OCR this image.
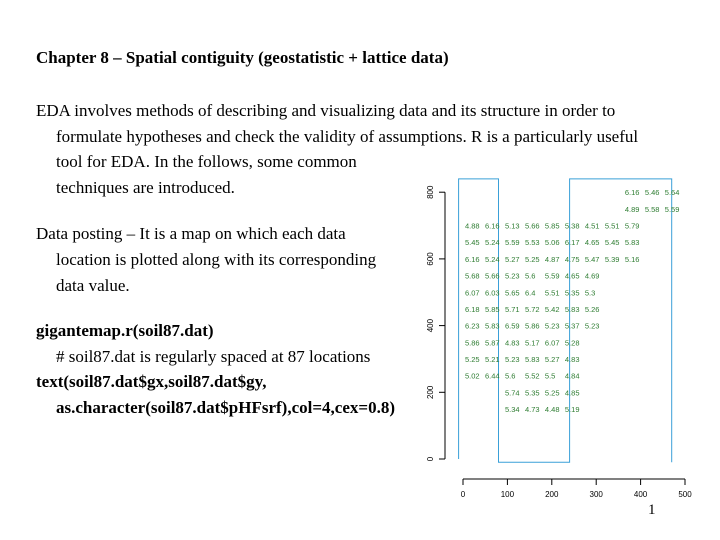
Chapter 8 – Spatial contiguity (geostatistic + lattice data)
EDA involves methods of describing and visualizing data and its structure in order to
formulate hypotheses and check the validity of assumptions. R is a particularly useful
tool for EDA. In the follows, some common
techniques are introduced.
Data posting – It is a map on which each data
location is plotted along with its corresponding
data value.
gigantemap.r(soil87.dat)
# soil87.dat is regularly spaced at 87 locations
text(soil87.dat$gx,soil87.dat$gy,
as.character(soil87.dat$pHFsrf),col=4,cex=0.8)
0
200
400
600
800
0	100	200	300	400	500
6.16 5.46 5.64
4.89 5.58 5.59
4.88 6.16 5.13 5.66 5.85 5.38 4.51 5.51 5.79
5.45 5.24 5.59 5.53 5.06 6.17 4.65 5.45 5.83
6.16 5.24 5.27 5.25 4.87 4.75 5.47 5.39 5.16
5.68 5.66 5.23 5.6 5.59 4.65 4.69
6.07 6.03 5.65 6.4 5.51 5.35 5.3
6.18 5.85 5.71 5.72 5.42 5.83 5.26
6.23 5.83 6.59 5.86 5.23 5.37 5.23
5.86 5.87 4.83 5.17 6.07 5.28
5.25 5.21 5.23 5.83 5.27 4.83
5.02 6.44 5.6 5.52 5.5 4.84
5.74 5.35 5.25 4.85
5.34 4.73 4.48 5.19
1
